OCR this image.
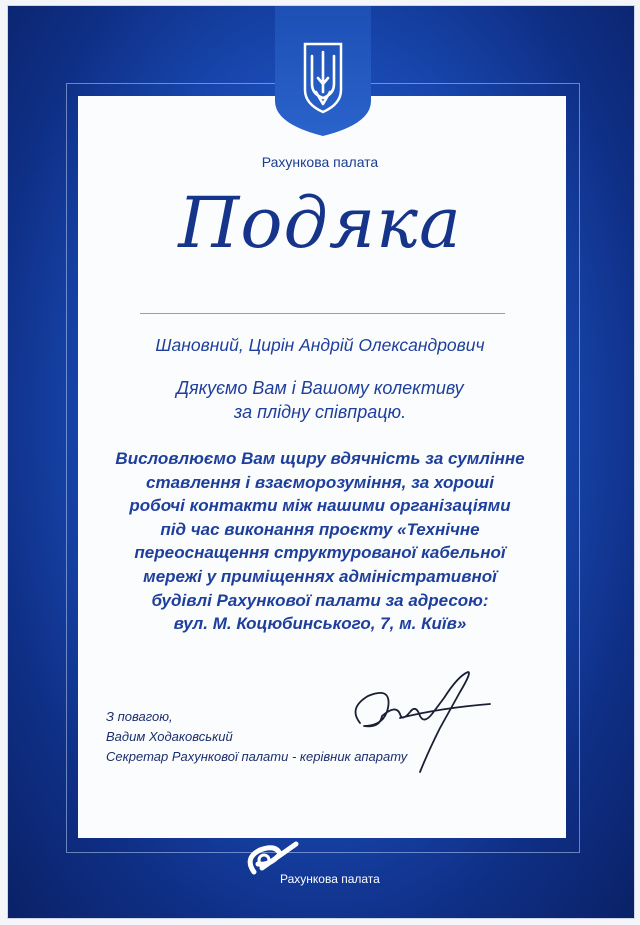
Рахункова палата
Подяка
Шановний, Цирін Андрій Олександрович
Дякуємо Вам і Вашому колективу
за плідну співпрацю.
Висловлюємо Вам щиру вдячність за сумлінне
ставлення і взаєморозуміння, за хороші
робочі контакти між нашими організаціями
під час виконання проєкту «Технічне
переоснащення структурованої кабельної
мережі у приміщеннях адміністративної
будівлі Рахункової палати за адресою:
вул. М. Коцюбинського, 7, м. Київ»
З повагою,
Вадим Ходаковський
Секретар Рахункової палати - керівник апарату
Рахункова палата
